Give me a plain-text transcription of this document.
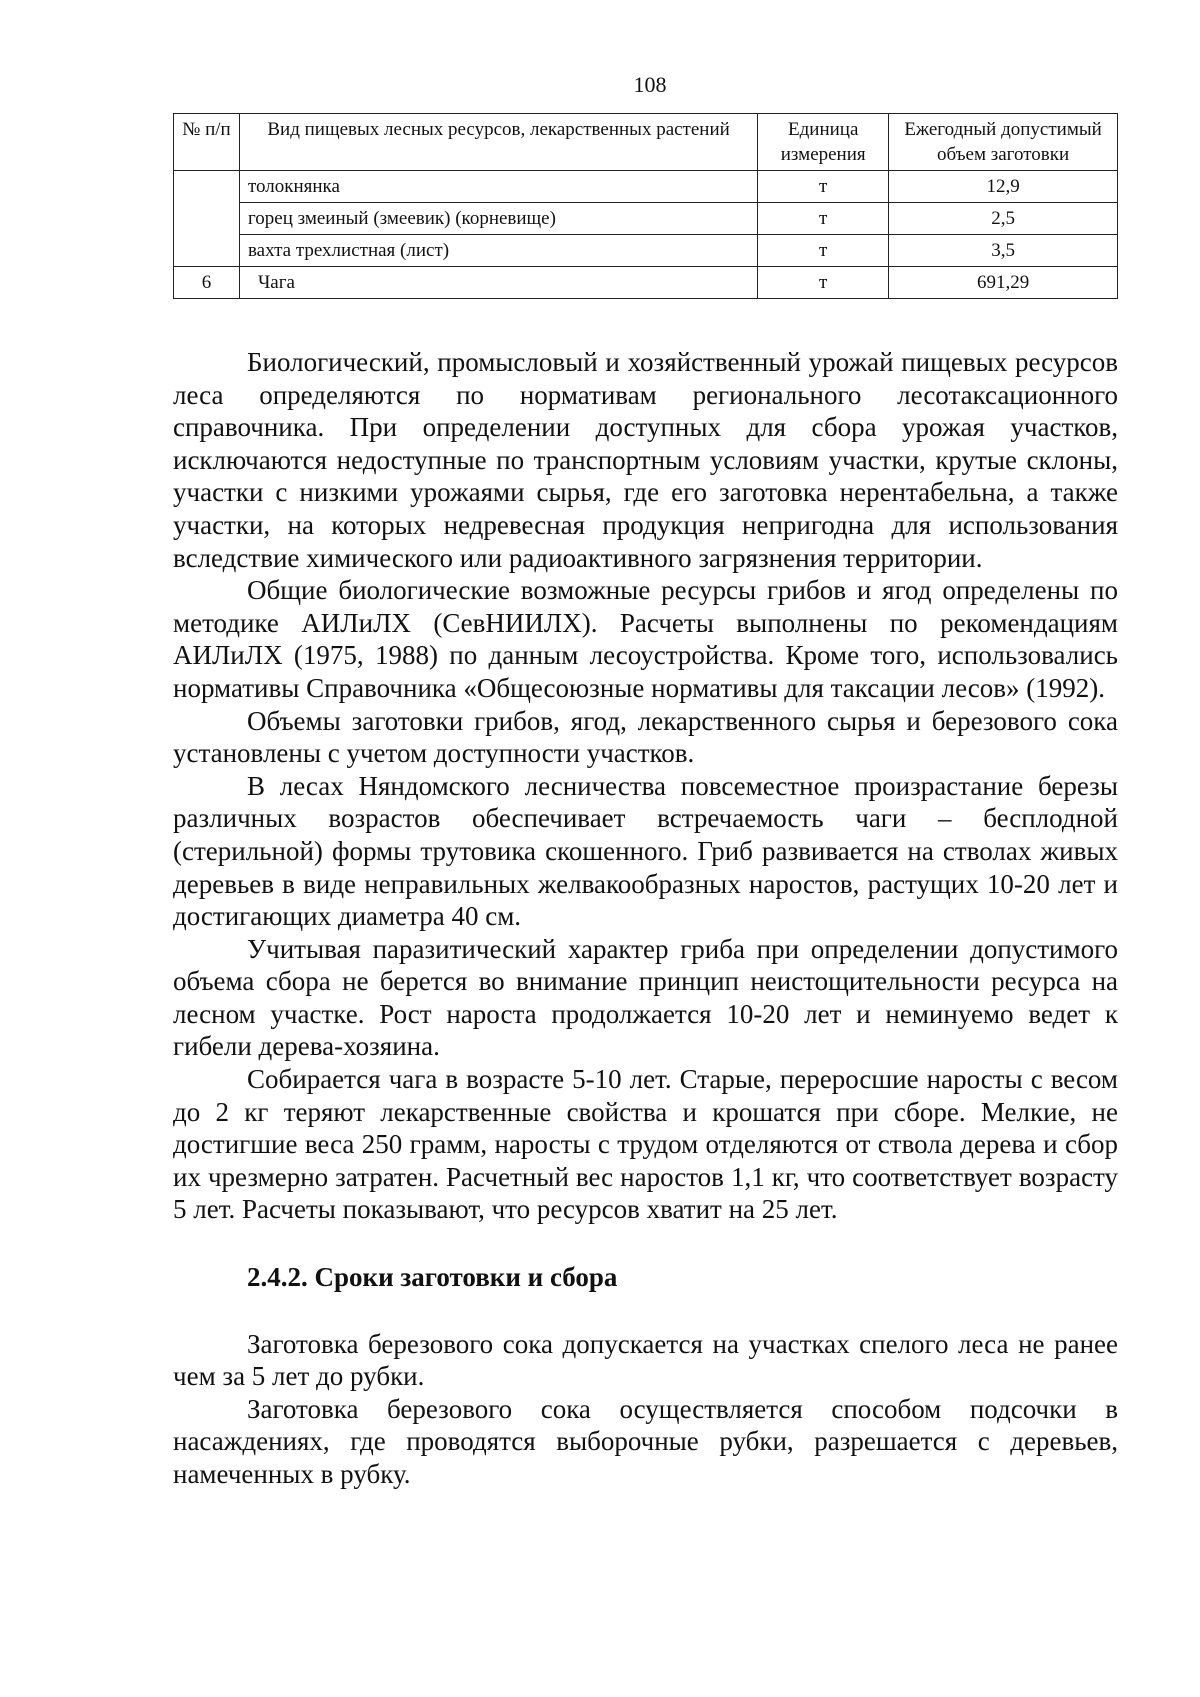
108
№ п/п	Вид пищевых лесных ресурсов, лекарственных растений	Единица измерения	Ежегодный допустимый объем заготовки
	толокнянка	т	12,9
	горец змеиный (змеевик) (корневище)	т	2,5
	вахта трехлистная (лист)	т	3,5
6	Чага	т	691,29

Биологический, промысловый и хозяйственный урожай пищевых ресурсов леса определяются по нормативам регионального лесотаксационного справочника. При определении доступных для сбора урожая участков, исключаются недоступные по транспортным условиям участки, крутые склоны, участки с низкими урожаями сырья, где его заготовка нерентабельна, а также участки, на которых недревесная продукция непригодна для использования вследствие химического или радиоактивного загрязнения территории.

Общие биологические возможные ресурсы грибов и ягод определены по методике АИЛиЛХ (СевНИИЛХ). Расчеты выполнены по рекомендациям АИЛиЛХ (1975, 1988) по данным лесоустройства. Кроме того, использовались нормативы Справочника «Общесоюзные нормативы для таксации лесов» (1992).

Объемы заготовки грибов, ягод, лекарственного сырья и березового сока установлены с учетом доступности участков.

В лесах Няндомского лесничества повсеместное произрастание березы различных возрастов обеспечивает встречаемость чаги – бесплодной (стерильной) формы трутовика скошенного. Гриб развивается на стволах живых деревьев в виде неправильных желвакообразных наростов, растущих 10-20 лет и достигающих диаметра 40 см.

Учитывая паразитический характер гриба при определении допустимого объема сбора не берется во внимание принцип неистощительности ресурса на лесном участке. Рост нароста продолжается 10-20 лет и неминуемо ведет к гибели дерева-хозяина.

Собирается чага в возрасте 5-10 лет. Старые, переросшие наросты с весом до 2 кг теряют лекарственные свойства и крошатся при сборе. Мелкие, не достигшие веса 250 грамм, наросты с трудом отделяются от ствола дерева и сбор их чрезмерно затратен. Расчетный вес наростов 1,1 кг, что соответствует возрасту 5 лет. Расчеты показывают, что ресурсов хватит на 25 лет.

2.4.2. Сроки заготовки и сбора

Заготовка березового сока допускается на участках спелого леса не ранее чем за 5 лет до рубки.

Заготовка березового сока осуществляется способом подсочки в насаждениях, где проводятся выборочные рубки, разрешается с деревьев, намеченных в рубку.
